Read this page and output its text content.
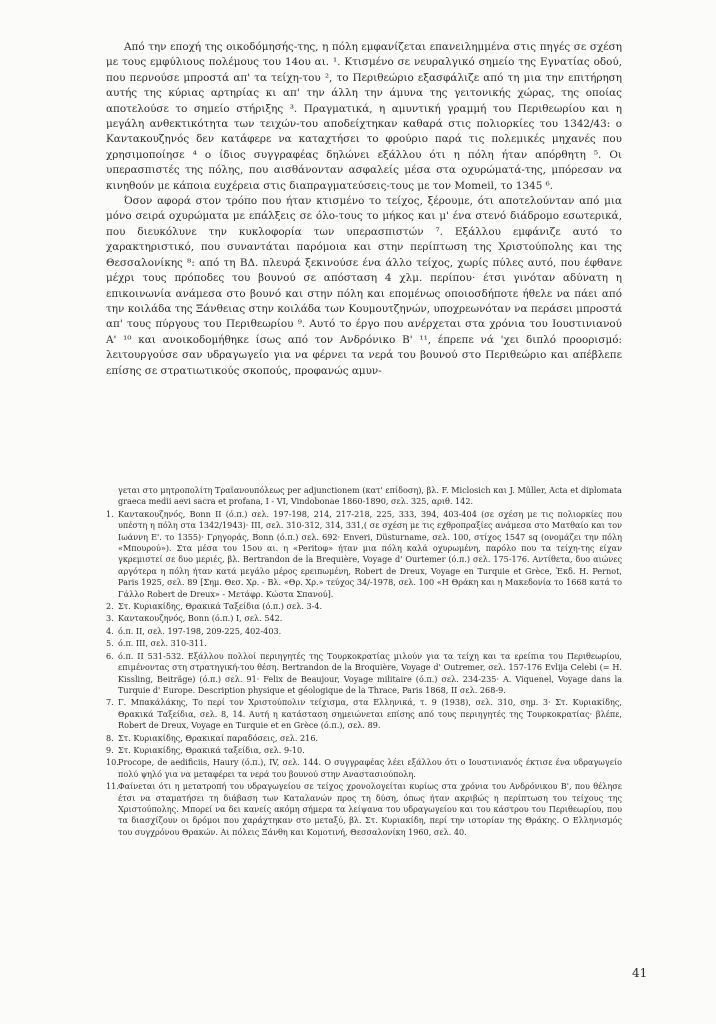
Από την εποχή της οικοδόμησής-της, η πόλη εμφανίζεται επανειλημμένα στις πηγές σε σχέση με τους εμφύλιους πολέμους του 14ου αι. ¹. Κτισμένο σε νευραλγικό σημείο της Εγνατίας οδού, που περνούσε μπροστά απ' τα τείχη-του ², το Περιθεώριο εξασφάλιζε από τη μια την επιτήρηση αυτής της κύριας αρτηρίας κι απ' την άλλη την άμυνα της γειτονικής χώρας, της οποίας αποτελούσε το σημείο στήριξης ³. Πραγματικά, η αμυντική γραμμή του Περιθεωρίου και η μεγάλη ανθεκτικότητα των τειχών-του αποδείχτηκαν καθαρά στις πολιορκίες του 1342/43: ο Καντακουζηνός δεν κατάφερε να καταχτήσει το φρούριο παρά τις πολεμικές μηχανές που χρησιμοποίησε ⁴ ο ίδιος συγγραφέας δηλώνει εξάλλου ότι η πόλη ήταν απόρθητη ⁵. Οι υπερασπιστές της πόλης, που αισθάνονταν ασφαλείς μέσα στα οχυρώματά-της, μπόρεσαν να κινηθούν με κάποια ευχέρεια στις διαπραγματεύσεις-τους με τον Momeil, το 1345 ⁶.

Όσον αφορά στον τρόπο που ήταν κτισμένο το τείχος, ξέρουμε, ότι αποτελούνταν από μια μόνο σειρά οχυρώματα με επάλξεις σε όλο-τους το μήκος και μ' ένα στενό διάδρομο εσωτερικά, που διευκόλυνε την κυκλοφορία των υπερασπιστών ⁷. Εξάλλου εμφάνιζε αυτό το χαρακτηριστικό, που συναντάται παρόμοια και στην περίπτωση της Χριστούπολης και της Θεσσαλονίκης ⁸: από τη ΒΔ. πλευρά ξεκινούσε ένα άλλο τείχος, χωρίς πύλες αυτό, που έφθανε μέχρι τους πρόποδες του βουνού σε απόσταση 4 χλμ. περίπου· έτσι γινόταν αδύνατη η επικοινωνία ανάμεσα στο βουνό και στην πόλη και επομένως οποιοσδήποτε ήθελε να πάει από την κοιλάδα της Ξάνθειας στην κοιλάδα των Κουμουτζηνών, υποχρεωνόταν να περάσει μπροστά απ' τους πύργους του Περιθεωρίου ⁹. Αυτό το έργο που ανέρχεται στα χρόνια του Ιουστινιανού Α' ¹⁰ και ανοικοδομήθηκε ίσως από τον Ανδρόνικο Β' ¹¹, έπρεπε νά 'χει διπλό προορισμό: λειτουργούσε σαν υδραγωγείο για να φέρνει τα νερά του βουνού στο Περιθεώριο και απέβλεπε επίσης σε στρατιωτικούς σκοπούς, προφανώς αμυν-

γεται στο μητροπολίτη Τραϊανουπόλεως per adjunctionem (κατ' επίδοση), βλ. F. Miclosich και J. Müller, Acta et diplomata graeca medii aevi sacra et profana, I - VI, Vindobonae 1860-1890, σελ. 325, αριθ. 142.

1. Καντακουζηνός, Bonn II (ό.π.) σελ. 197-198, 214, 217-218, 225, 333, 394, 403-404 (σε σχέση με τις πολιορκίες που υπέστη η πόλη στα 1342/1943)· III, σελ. 310-312, 314, 331,( σε σχέση με τις εχθροπραξίες ανάμεσα στο Ματθαίο και τον Ιωάννη Ε'. το 1355)· Γρηγοράς, Bonn (ό.π.) σελ. 692· Enveri, Düsturname, σελ. 100, στίχος 1547 sq (ονομάζει την πόλη «Μπουρού»). Στα μέσα του 15ου αι. η «Peritoφ» ήταν μια πόλη καλά οχυρωμένη, παρόλο που τα τείχη-της είχαν γκρεμιστεί σε δυο μεριές, βλ. Bertrandon de la Brequière, Voyage d' Ourtemer (ό.π.) σελ. 175-176. Αντίθετα, δυο αιώνες αργότερα η πόλη ήταν κατά μεγάλο μέρος ερειπωμένη, Robert de Dreux, Voyage en Turquie et Grèce, Έκδ. Η. Pernot, Paris 1925, σελ. 89 [Σημ. Θεσ. Χρ. - Βλ. «Θρ. Χρ.» τεύχος 34/-1978, σελ. 100 «Η Θράκη και η Μακεδονία το 1668 κατά το Γάλλο Robert de Dreux» - Μετάφρ. Κώστα Σπανού].
2. Στ. Κυριακίδης, Θρακικά Ταξείδια (ό.π.) σελ. 3-4.
3. Καντακουζηνός, Bonn (ό.π.) I, σελ. 542.
4. ό.π. II, σελ. 197-198, 209-225, 402-403.
5. ό.π. III, σελ. 310-311.
6. ό.π. II 531-532. Εξάλλου πολλοί περιηγητές της Τουρκοκρατίας μιλούν για τα τείχη και τα ερείπια του Περιθεωρίου, επιμένοντας στη στρατηγική-του θέση. Bertrandon de la Broquière, Voyage d' Outremer, σελ. 157-176 Evlija Celebi (= H. Kissling, Beiträge) (ό.π.) σελ. 91· Felix de Beaujour, Voyage militaire (ό.π.) σελ. 234-235· A. Viquenel, Voyage dans la Turquie d' Europe. Description physique et géologique de la Thrace, Paris 1868, II σελ. 268-9.
7. Γ. Μπακάλάκης, Το περί τον Χριστούπολιν τείχισμα, στα Ελληνικά, τ. 9 (1938), σελ. 310, σημ. 3· Στ. Κυριακίδης, Θρακικά Ταξείδια, σελ. 8, 14. Αυτή η κατάσταση σημειώνεται επίσης από τους περιηγητές της Τουρκοκρατίας· βλέπε, Robert de Dreux, Voyage en Turquie et en Grèce (ό.π.), σελ. 89.
8. Στ. Κυριακίδης, Θρακικαί παραδόσεις, σελ. 216.
9. Στ. Κυριακίδης, Θρακικά ταξείδια, σελ. 9-10.
10. Procope, de aedificiis, Haury (ό.π.), IV, σελ. 144. Ο συγγραφέας λέει εξάλλου ότι ο Ιουστινιανός έκτισε ένα υδραγωγείο πολύ ψηλό για να μεταφέρει τα νερά του βουνού στην Αναστασιούπολη.
11. Φαίνεται ότι η μετατροπή του υδραγωγείου σε τείχος χρονολογείται κυρίως στα χρόνια του Ανδρόνικου Β', που θέλησε έτσι να σταματήσει τη διάβαση των Καταλανών προς τη δύση, όπως ήταν ακριβώς η περίπτωση του τείχους της Χριστούπολης. Μπορεί να δει κανείς ακόμη σήμερα τα λείψανα του υδραγωγείου και του κάστρου του Περιθεωρίου, που τα διασχίζουν οι δρόμοι που χαράχτηκαν στο μεταξύ, βλ. Στ. Κυριακίδη, περί την ιστορίαν της Θράκης. Ο Ελληνισμός του συγχρόνου Θρακών. Αι πόλεις Ξάνθη και Κομοτινή, Θεσσαλονίκη 1960, σελ. 40.
41
